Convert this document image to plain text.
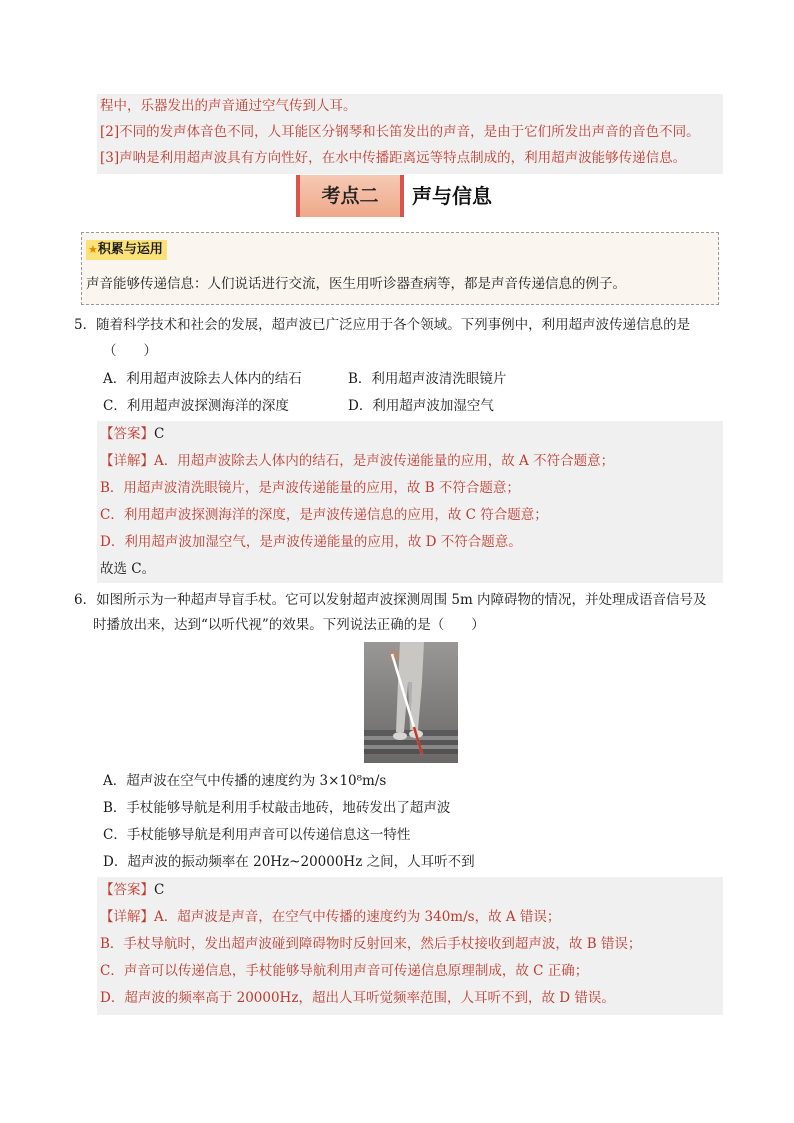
程中，乐器发出的声音通过空气传到人耳。
[2]不同的发声体音色不同，人耳能区分钢琴和长笛发出的声音，是由于它们所发出声音的音色不同。
[3]声呐是利用超声波具有方向性好，在水中传播距离远等特点制成的，利用超声波能够传递信息。
考点二	声与信息
★积累与运用
声音能够传递信息：人们说话进行交流，医生用听诊器查病等，都是声音传递信息的例子。
5．随着科学技术和社会的发展，超声波已广泛应用于各个领域。下列事例中，利用超声波传递信息的是
（　　）
A．利用超声波除去人体内的结石	B．利用超声波清洗眼镜片
C．利用超声波探测海洋的深度	D．利用超声波加湿空气
【答案】C
【详解】A．用超声波除去人体内的结石，是声波传递能量的应用，故 A 不符合题意；
B．用超声波清洗眼镜片，是声波传递能量的应用，故 B 不符合题意；
C．利用超声波探测海洋的深度，是声波传递信息的应用，故 C 符合题意；
D．利用超声波加湿空气，是声波传递能量的应用，故 D 不符合题意。
故选 C。
6．如图所示为一种超声导盲手杖。它可以发射超声波探测周围 5m 内障碍物的情况，并处理成语音信号及
时播放出来，达到“以听代视”的效果。下列说法正确的是（　　）
A．超声波在空气中传播的速度约为 3×10⁸m/s
B．手杖能够导航是利用手杖敲击地砖，地砖发出了超声波
C．手杖能够导航是利用声音可以传递信息这一特性
D．超声波的振动频率在 20Hz~20000Hz 之间，人耳听不到
【答案】C
【详解】A．超声波是声音，在空气中传播的速度约为 340m/s，故 A 错误；
B．手杖导航时，发出超声波碰到障碍物时反射回来，然后手杖接收到超声波，故 B 错误；
C．声音可以传递信息，手杖能够导航利用声音可传递信息原理制成，故 C 正确；
D．超声波的频率高于 20000Hz，超出人耳听觉频率范围，人耳听不到，故 D 错误。
